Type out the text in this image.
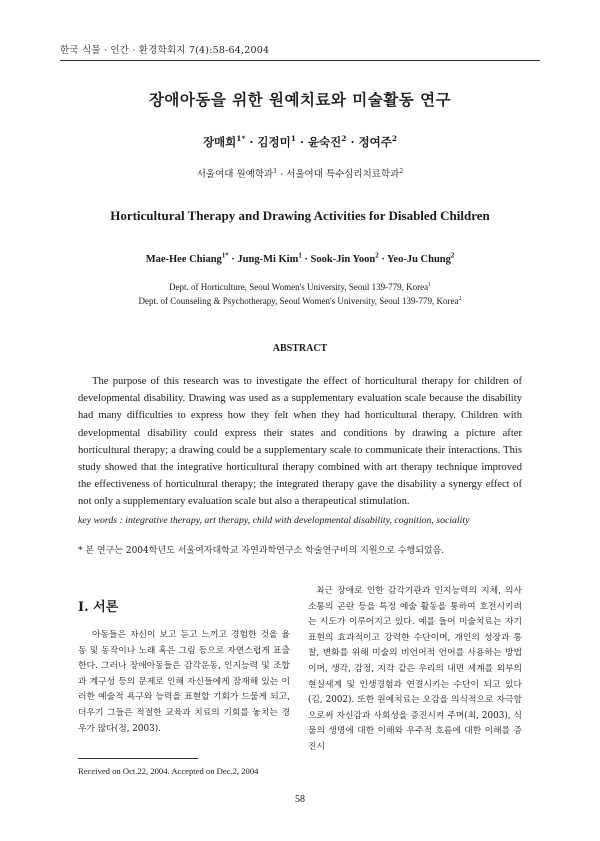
한국 식물 · 인간 · 환경학회지 7(4):58-64,2004
장애아동을 위한 원예치료와 미술활동 연구
장매희$^{1*}$ · 김정미$^1$ · 윤숙진$^2$ · 정여주$^2$
서울여대 원예학과$^1$ · 서울여대 특수심리치료학과$^2$
Horticultural Therapy and Drawing Activities for Disabled Children
Mae-Hee Chiang$^{1*}$ · Jung-Mi Kim$^1$ · Sook-Jin Yoon$^2$ · Yeo-Ju Chung$^2$
Dept. of Horticulture, Seoul Women's University, Seoul 139-779, Korea$^1$
Dept. of Counseling & Psychotherapy, Seoul Women's University, Seoul 139-779, Korea$^2$
ABSTRACT
The purpose of this research was to investigate the effect of horticultural therapy for children of developmental disability. Drawing was used as a supplementary evaluation scale because the disability had many difficulties to express how they felt when they had horticultural therapy. Children with developmental disability could express their states and conditions by drawing a picture after horticultural therapy; a drawing could be a supplementary scale to communicate their interactions. This study showed that the integrative horticultural therapy combined with art therapy technique improved the effectiveness of horticultural therapy; the integrated therapy gave the disability a synergy effect of not only a supplementary evaluation scale but also a therapeutical stimulation.
key words : integrative therapy, art therapy, child with developmental disability, cognition, sociality
* 본 연구는 2004학년도 서울여자대학교 자연과학연구소 학술연구비의 지원으로 수행되었음.
Ⅰ. 서론
아동들은 자신이 보고 듣고 느끼고 경험한 것을 율동 및 동작이나 노래 혹은 그림 등으로 자연스럽게 표출한다. 그러나 장애아동들은 감각운동, 인지능력 및 조합과 계구성 등의 문제로 인해 자신들에게 잠재해 있는 이러한 예술적 욕구와 능력을 표현할 기회가 드물게 되고, 더우기 그들은 적절한 교육과 치료의 기회를 놓치는 경우가 많다(정, 2003).
최근 장애로 인한 감각기관과 인지능력의 지체, 의사소통의 곤란 등을 특정 예술 활동을 통하여 호전시키려는 시도가 이루어지고 있다. 예를 들어 미술치료는 자기표현의 효과적이고 강력한 수단이며, 개인의 성장과 통찰, 변화를 위해 미술의 비언어적 언어를 사용하는 방법이며, 생각, 감정, 지각 같은 우리의 내면 세계를 외부의 현실세계 및 인생경험과 연결시키는 수단이 되고 있다(김, 2002). 또한 원예치료는 오감을 의식적으로 자극함으로써 자신감과 사회성을 증진시켜 주며(최, 2003), 식물의 생명에 대한 이해와 우주적 흐름에 대한 이해를 증진시
Received on Oct.22, 2004. Accepted on Dec.2, 2004
58
